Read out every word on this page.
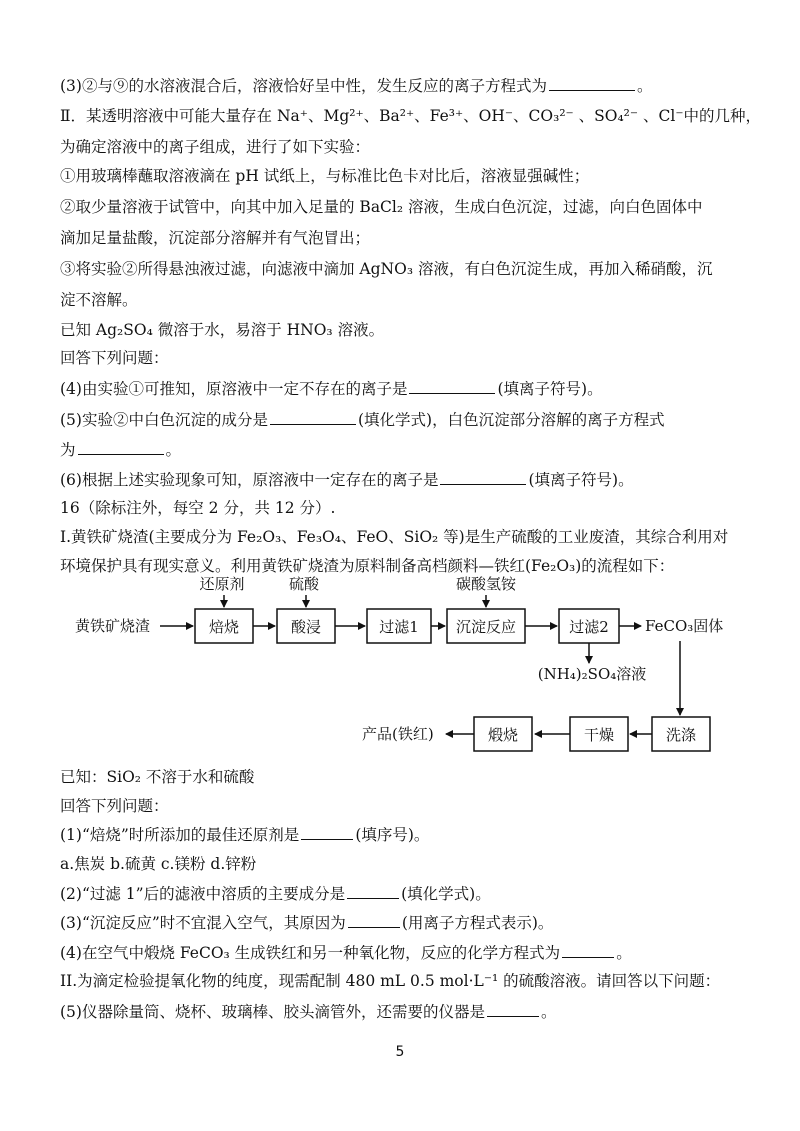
(3)②与⑨的水溶液混合后，溶液恰好呈中性，发生反应的离子方程式为	。
Ⅱ．某透明溶液中可能大量存在 Na⁺、Mg²⁺、Ba²⁺、Fe³⁺、OH⁻、CO₃²⁻ 、SO₄²⁻ 、Cl⁻中的几种，
为确定溶液中的离子组成，进行了如下实验：
①用玻璃棒蘸取溶液滴在 pH 试纸上，与标准比色卡对比后，溶液显强碱性；
②取少量溶液于试管中，向其中加入足量的 BaCl₂ 溶液，生成白色沉淀，过滤，向白色固体中
滴加足量盐酸，沉淀部分溶解并有气泡冒出；
③将实验②所得悬浊液过滤，向滤液中滴加 AgNO₃ 溶液，有白色沉淀生成，再加入稀硝酸，沉
淀不溶解。
已知 Ag₂SO₄ 微溶于水，易溶于 HNO₃ 溶液。
回答下列问题：
(4)由实验①可推知，原溶液中一定不存在的离子是	(填离子符号)。
(5)实验②中白色沉淀的成分是	(填化学式)，白色沉淀部分溶解的离子方程式
为	。
(6)根据上述实验现象可知，原溶液中一定存在的离子是	(填离子符号)。
16（除标注外，每空 2 分，共 12 分）.
I.黄铁矿烧渣(主要成分为 Fe₂O₃、Fe₃O₄、FeO、SiO₂ 等)是生产硫酸的工业废渣，其综合利用对
环境保护具有现实意义。利用黄铁矿烧渣为原料制备高档颜料—铁红(Fe₂O₃)的流程如下：
黄铁矿烧渣	焙烧
还原剂
酸浸
硫酸
过滤1 沉淀反应
碳酸氢铵
过滤2
(NH₄)₂SO₄溶液
FeCO₃固体
洗涤
干燥
煅烧
产品(铁红)
已知：SiO₂ 不溶于水和硫酸
回答下列问题：
(1)“焙烧”时所添加的最佳还原剂是	(填序号)。
a.焦炭 b.硫黄 c.镁粉 d.锌粉
(2)“过滤 1”后的滤液中溶质的主要成分是	(填化学式)。
(3)“沉淀反应”时不宜混入空气，其原因为	(用离子方程式表示)。
(4)在空气中煅烧 FeCO₃ 生成铁红和另一种氧化物，反应的化学方程式为	。
II.为滴定检验提氧化物的纯度，现需配制 480 mL 0.5 mol·L⁻¹ 的硫酸溶液。请回答以下问题：
(5)仪器除量筒、烧杯、玻璃棒、胶头滴管外，还需要的仪器是	。
5
